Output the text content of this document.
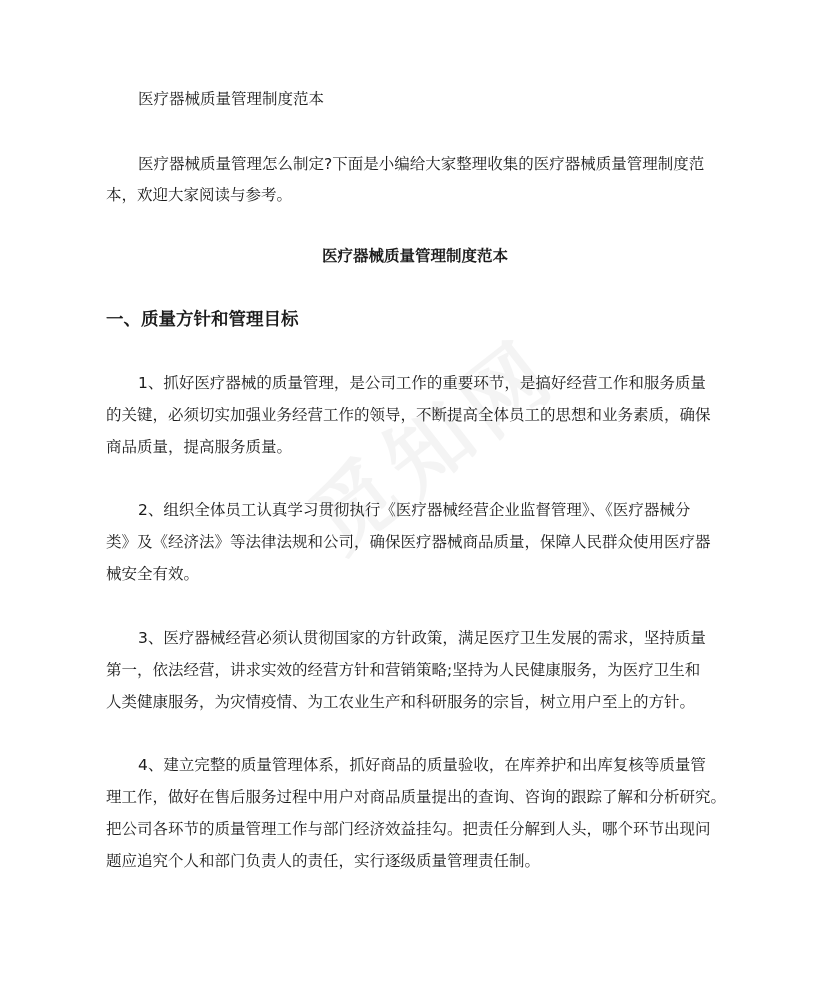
医疗器械质量管理制度范本
医疗器械质量管理怎么制定?下面是小编给大家整理收集的医疗器械质量管理制度范
本，欢迎大家阅读与参考。
医疗器械质量管理制度范本
一、质量方针和管理目标
1、抓好医疗器械的质量管理，是公司工作的重要环节，是搞好经营工作和服务质量
的关键，必须切实加强业务经营工作的领导，不断提高全体员工的思想和业务素质，确保
商品质量，提高服务质量。
2、组织全体员工认真学习贯彻执行《医疗器械经营企业监督管理》、《医疗器械分
类》及《经济法》等法律法规和公司，确保医疗器械商品质量，保障人民群众使用医疗器
械安全有效。
3、医疗器械经营必须认贯彻国家的方针政策，满足医疗卫生发展的需求，坚持质量
第一，依法经营，讲求实效的经营方针和营销策略;坚持为人民健康服务，为医疗卫生和
人类健康服务，为灾情疫情、为工农业生产和科研服务的宗旨，树立用户至上的方针。
4、建立完整的质量管理体系，抓好商品的质量验收，在库养护和出库复核等质量管
理工作，做好在售后服务过程中用户对商品质量提出的查询、咨询的跟踪了解和分析研究。
把公司各环节的质量管理工作与部门经济效益挂勾。把责任分解到人头，哪个环节出现问
题应追究个人和部门负责人的责任，实行逐级质量管理责任制。
